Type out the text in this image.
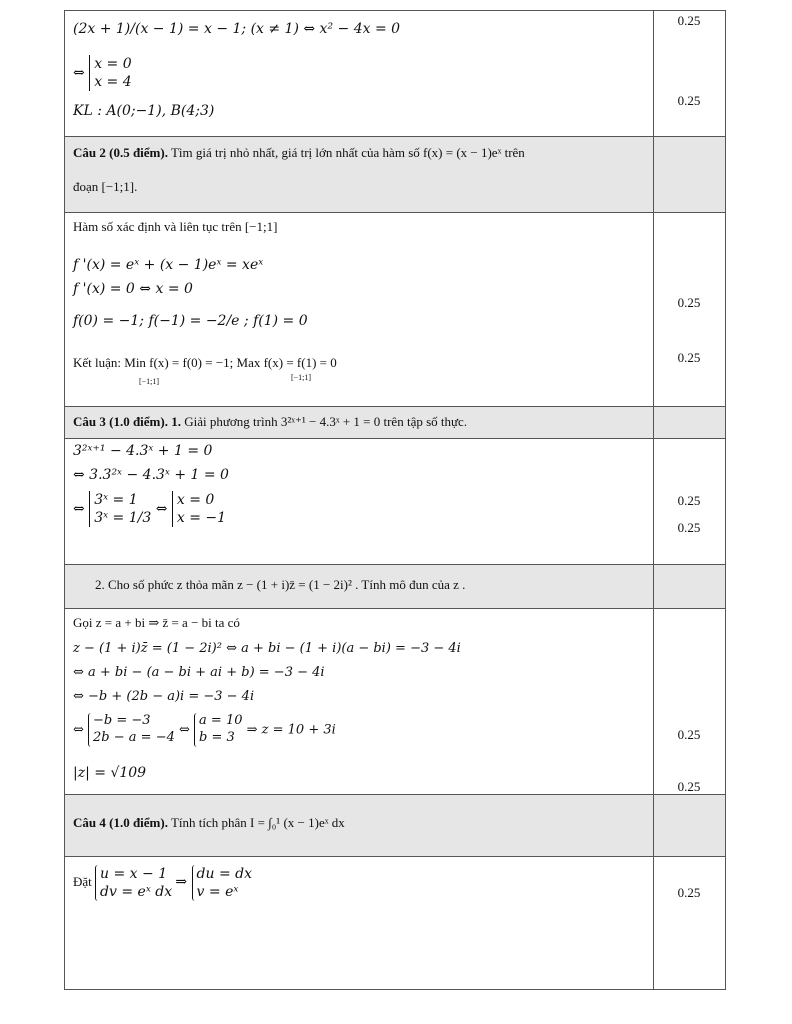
(2x + 1)/(x − 1) = x − 1; (x ≠ 1) ⇔ x² − 4x = 0
⇔ x = 0
x = 4
KL : A(0;−1), B(4;3)
0.25
0.25
Câu 2 (0.5 điểm). Tìm giá trị nhỏ nhất, giá trị lớn nhất của hàm số f(x) = (x − 1)eˣ trên
đoạn [−1;1].
Hàm số xác định và liên tục trên [−1;1]
f '(x) = eˣ + (x − 1)eˣ = xeˣ
f '(x) = 0 ⇔ x = 0
f(0) = −1; f(−1) = −2/e ; f(1) = 0
Kết luận: Min f(x) = f(0) = −1; Max f(x) = f(1) = 0
[−1;1]	[−1;1]
0.25
0.25
Câu 3 (1.0 điểm). 1. Giải phương trình 3²ˣ⁺¹ − 4.3ˣ + 1 = 0 trên tập số thực.
3²ˣ⁺¹ − 4.3ˣ + 1 = 0
⇔ 3.3²ˣ − 4.3ˣ + 1 = 0
⇔ 3ˣ = 1
3ˣ = 1/3 ⇔ x = 0
x = −1
0.25
0.25
2. Cho số phức z thỏa mãn z − (1 + i)z̄ = (1 − 2i)² . Tính mô đun của z .
Gọi z = a + bi ⇒ z̄ = a − bi ta có
z − (1 + i)z̄ = (1 − 2i)² ⇔ a + bi − (1 + i)(a − bi) = −3 − 4i
⇔ a + bi − (a − bi + ai + b) = −3 − 4i
⇔ −b + (2b − a)i = −3 − 4i
⇔ −b = −3
2b − a = −4 ⇔ a = 10
b = 3 ⇒ z = 10 + 3i
|z| = √109
0.25
0.25
Câu 4 (1.0 điểm). Tính tích phân I = ∫₀¹ (x − 1)eˣ dx
Đặt u = x − 1
dv = eˣ dx ⇒ du = dx
v = eˣ	0.25
